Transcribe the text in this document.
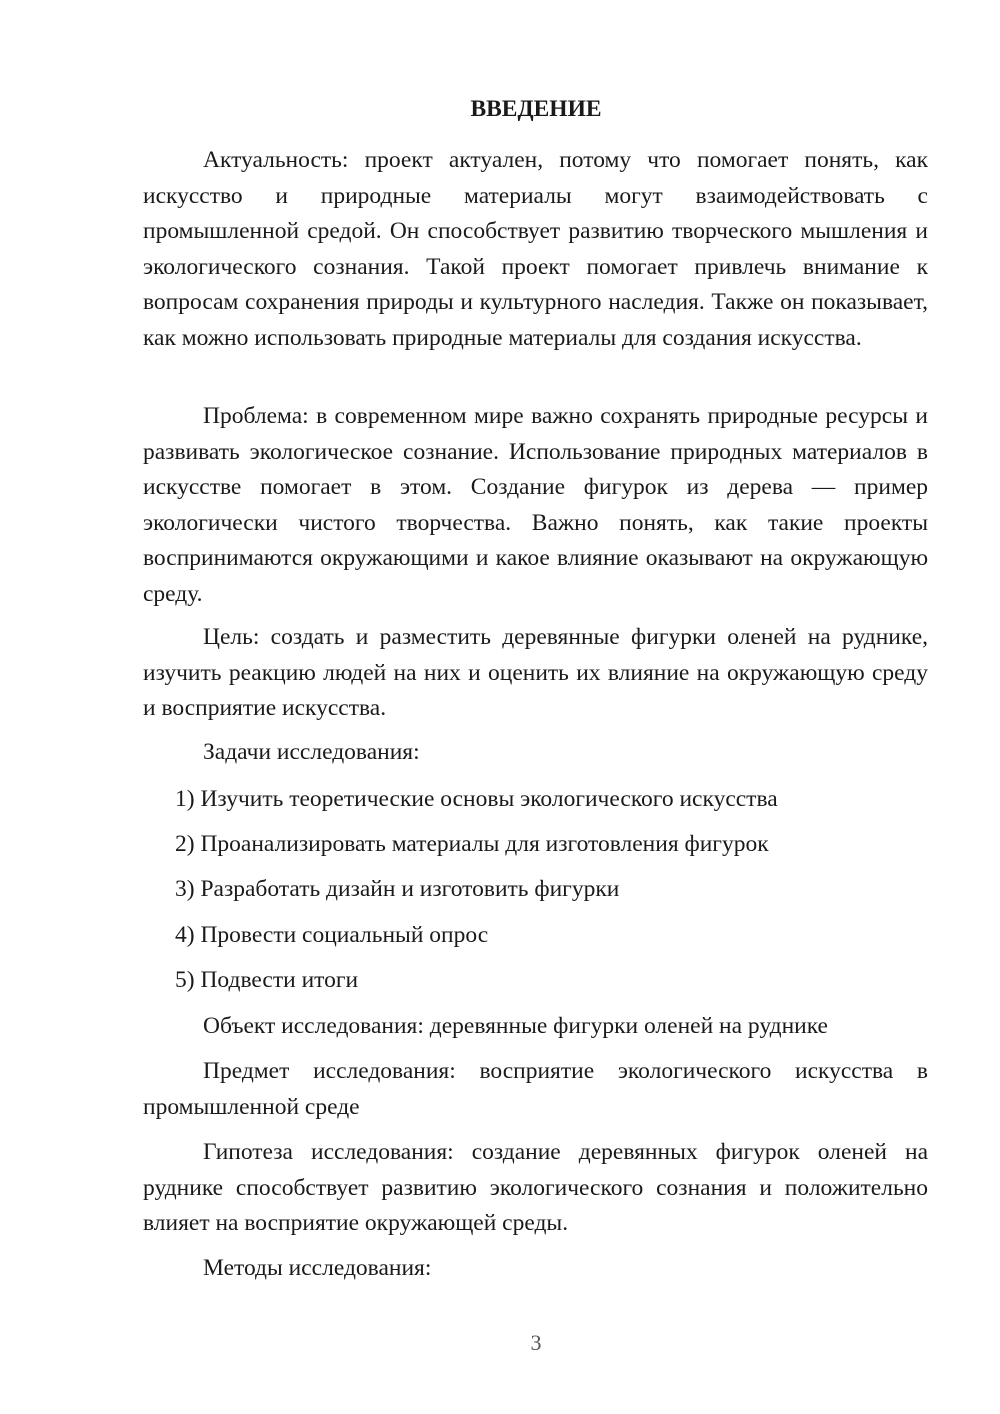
ВВЕДЕНИЕ

Актуальность: проект актуален, потому что помогает понять, как искусство и природные материалы могут взаимодействовать с промышленной средой. Он способствует развитию творческого мышления и экологического сознания. Такой проект помогает привлечь внимание к вопросам сохранения природы и культурного наследия. Также он показывает, как можно использовать природные материалы для создания искусства.

Проблема: в современном мире важно сохранять природные ресурсы и развивать экологическое сознание. Использование природных материалов в искусстве помогает в этом. Создание фигурок из дерева — пример экологически чистого творчества. Важно понять, как такие проекты воспринимаются окружающими и какое влияние оказывают на окружающую среду.

Цель: создать и разместить деревянные фигурки оленей на руднике, изучить реакцию людей на них и оценить их влияние на окружающую среду и восприятие искусства.

Задачи исследования:

1) Изучить теоретические основы экологического искусства

2) Проанализировать материалы для изготовления фигурок

3) Разработать дизайн и изготовить фигурки

4) Провести социальный опрос

5) Подвести итоги

Объект исследования: деревянные фигурки оленей на руднике

Предмет исследования: восприятие экологического искусства в промышленной среде

Гипотеза исследования: создание деревянных фигурок оленей на руднике способствует развитию экологического сознания и положительно влияет на восприятие окружающей среды.

Методы исследования:

3
